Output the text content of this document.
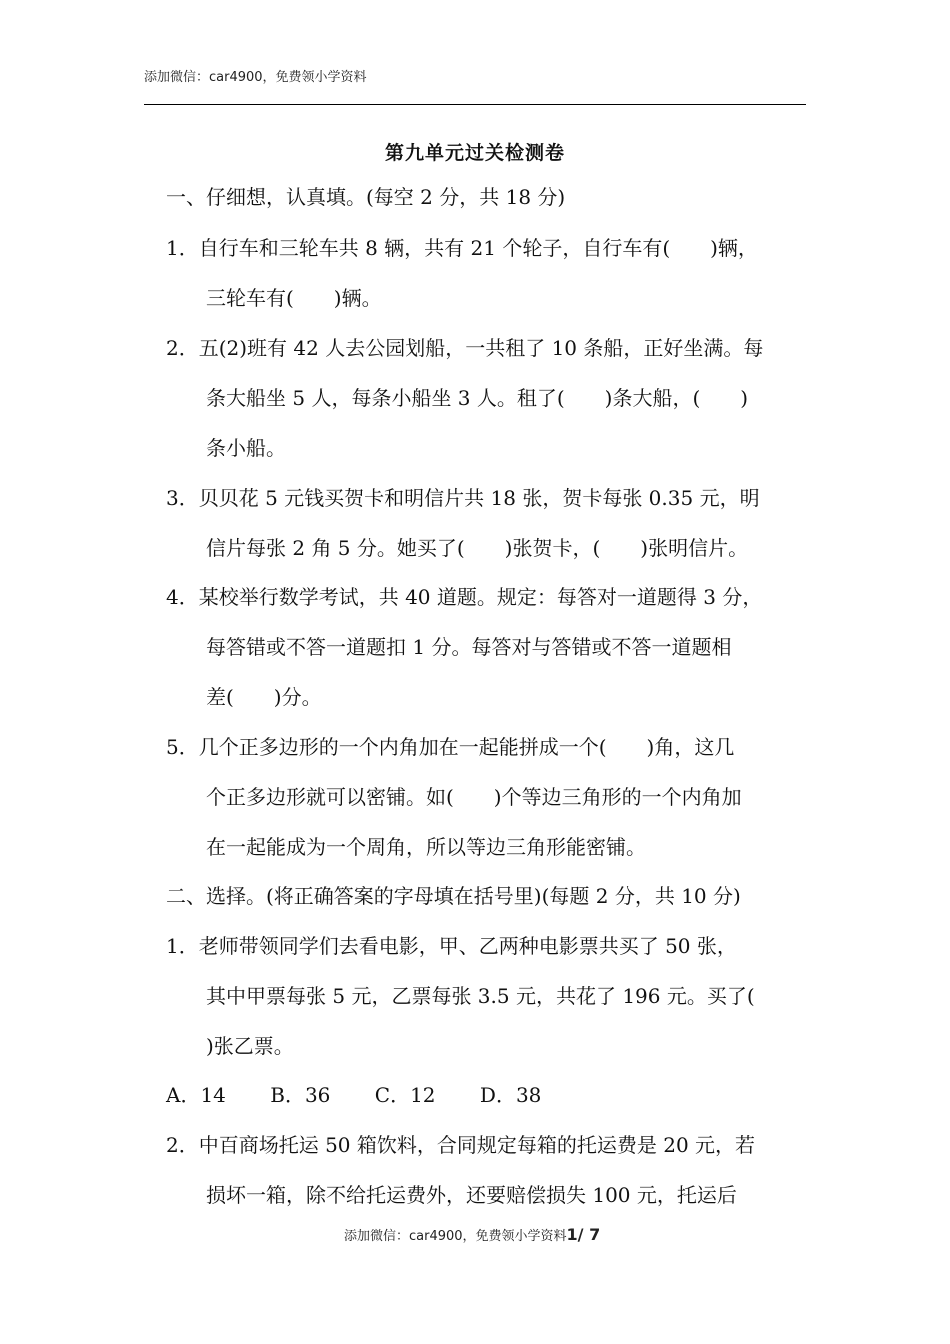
添加微信：car4900，免费领小学资料
第九单元过关检测卷
一、仔细想，认真填。(每空 2 分，共 18 分)
1．自行车和三轮车共 8 辆，共有 21 个轮子，自行车有(　　)辆，
三轮车有(　　)辆。
2．五(2)班有 42 人去公园划船，一共租了 10 条船，正好坐满。每
条大船坐 5 人，每条小船坐 3 人。租了(　　)条大船，(　　)
条小船。
3．贝贝花 5 元钱买贺卡和明信片共 18 张，贺卡每张 0.35 元，明
信片每张 2 角 5 分。她买了(　　)张贺卡，(　　)张明信片。
4．某校举行数学考试，共 40 道题。规定：每答对一道题得 3 分，
每答错或不答一道题扣 1 分。每答对与答错或不答一道题相
差(　　)分。
5．几个正多边形的一个内角加在一起能拼成一个(　　)角，这几
个正多边形就可以密铺。如(　　)个等边三角形的一个内角加
在一起能成为一个周角，所以等边三角形能密铺。
二、选择。(将正确答案的字母填在括号里)(每题 2 分，共 10 分)
1．老师带领同学们去看电影，甲、乙两种电影票共买了 50 张，
其中甲票每张 5 元，乙票每张 3.5 元，共花了 196 元。买了(
)张乙票。
A．14 B．36 C．12 D．38
2．中百商场托运 50 箱饮料，合同规定每箱的托运费是 20 元，若
损坏一箱，除不给托运费外，还要赔偿损失 100 元，托运后
添加微信：car4900，免费领小学资料1/ 7
